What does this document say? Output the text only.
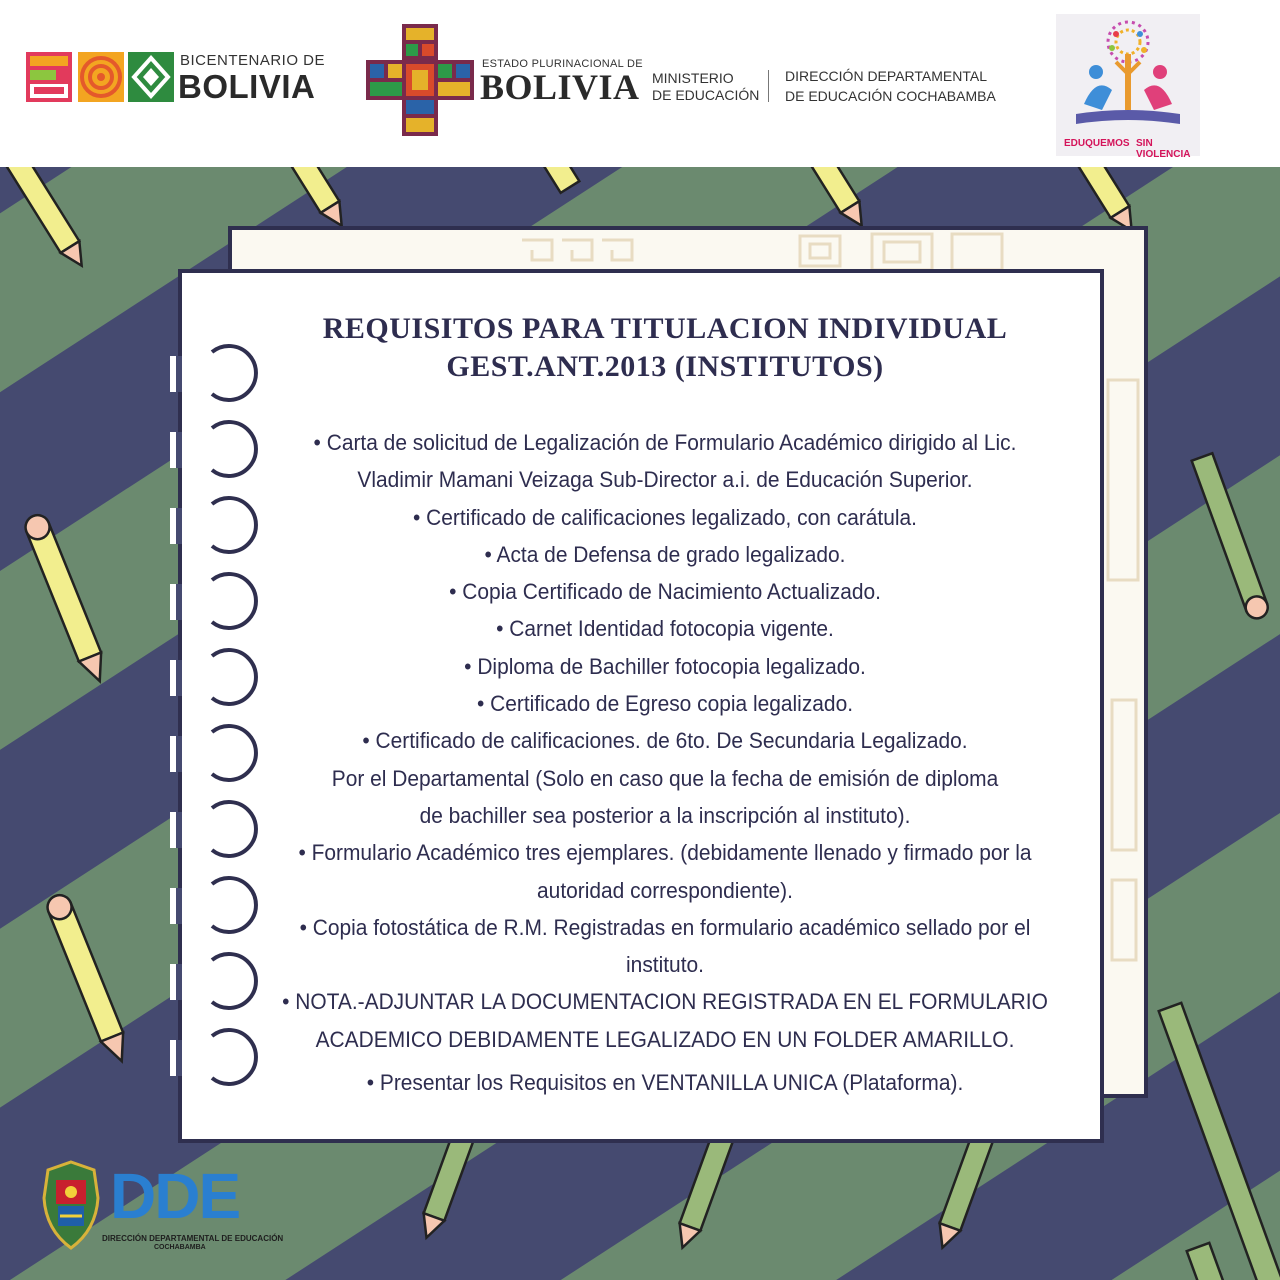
BICENTENARIO DE
BOLIVIA
ESTADO PLURINACIONAL DE
BOLIVIA MINISTERIO
DE EDUCACIÓN
DIRECCIÓN DEPARTAMENTAL
DE EDUCACIÓN COCHABAMBA
EDUQUEMOS SIN VIOLENCIA
REQUISITOS PARA TITULACION INDIVIDUAL
GEST.ANT.2013 (INSTITUTOS)
• Carta de solicitud de Legalización de Formulario Académico dirigido al Lic.
Vladimir Mamani Veizaga Sub-Director a.i. de Educación Superior.
• Certificado de calificaciones legalizado, con carátula.
• Acta de Defensa de grado legalizado.
• Copia Certificado de Nacimiento Actualizado.
• Carnet Identidad fotocopia vigente.
• Diploma de Bachiller fotocopia legalizado.
• Certificado de Egreso copia legalizado.
• Certificado de calificaciones. de 6to. De Secundaria Legalizado.
Por el Departamental (Solo en caso que la fecha de emisión de diploma
de bachiller sea posterior a la inscripción al instituto).
• Formulario Académico tres ejemplares. (debidamente llenado y firmado por la
autoridad correspondiente).
• Copia fotostática de R.M. Registradas en formulario académico sellado por el
instituto.
• NOTA.-ADJUNTAR LA DOCUMENTACION REGISTRADA EN EL FORMULARIO
ACADEMICO DEBIDAMENTE LEGALIZADO EN UN FOLDER AMARILLO.
• Presentar los Requisitos en VENTANILLA UNICA (Plataforma).
DDE
DIRECCIÓN DEPARTAMENTAL DE EDUCACIÓN
COCHABAMBA
